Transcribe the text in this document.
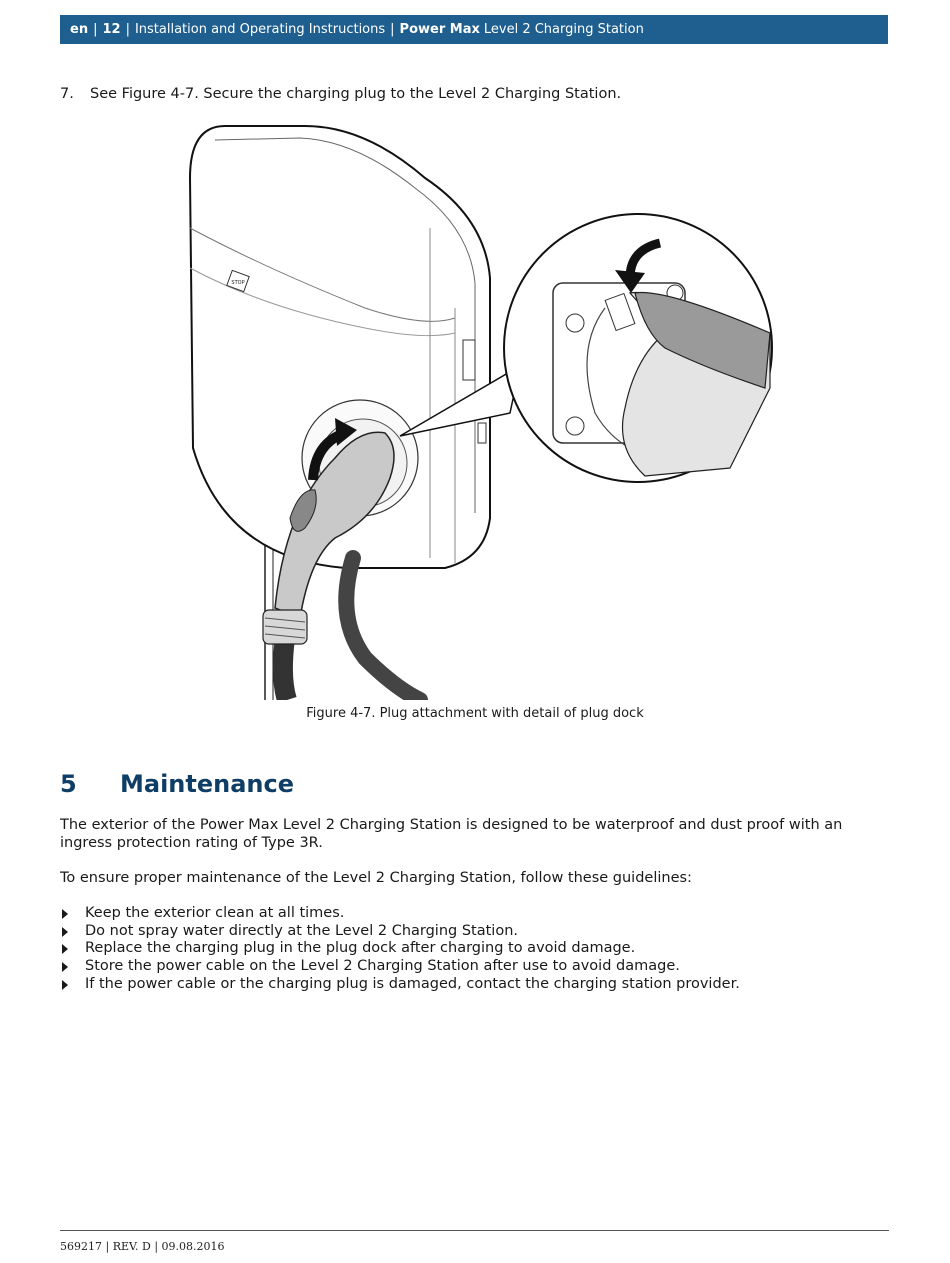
en | 12 | Installation and Operating Instructions | Power Max Level 2 Charging Station
7. See Figure 4-7. Secure the charging plug to the Level 2 Charging Station.
STOP
Figure 4-7. Plug attachment with detail of plug dock
5 Maintenance
The exterior of the Power Max Level 2 Charging Station is designed to be waterproof and dust proof with an ingress protection rating of Type 3R.
To ensure proper maintenance of the Level 2 Charging Station, follow these guidelines:
Keep the exterior clean at all times.
Do not spray water directly at the Level 2 Charging Station.
Replace the charging plug in the plug dock after charging to avoid damage.
Store the power cable on the Level 2 Charging Station after use to avoid damage.
If the power cable or the charging plug is damaged, contact the charging station provider.
569217 | REV. D | 09.08.2016
